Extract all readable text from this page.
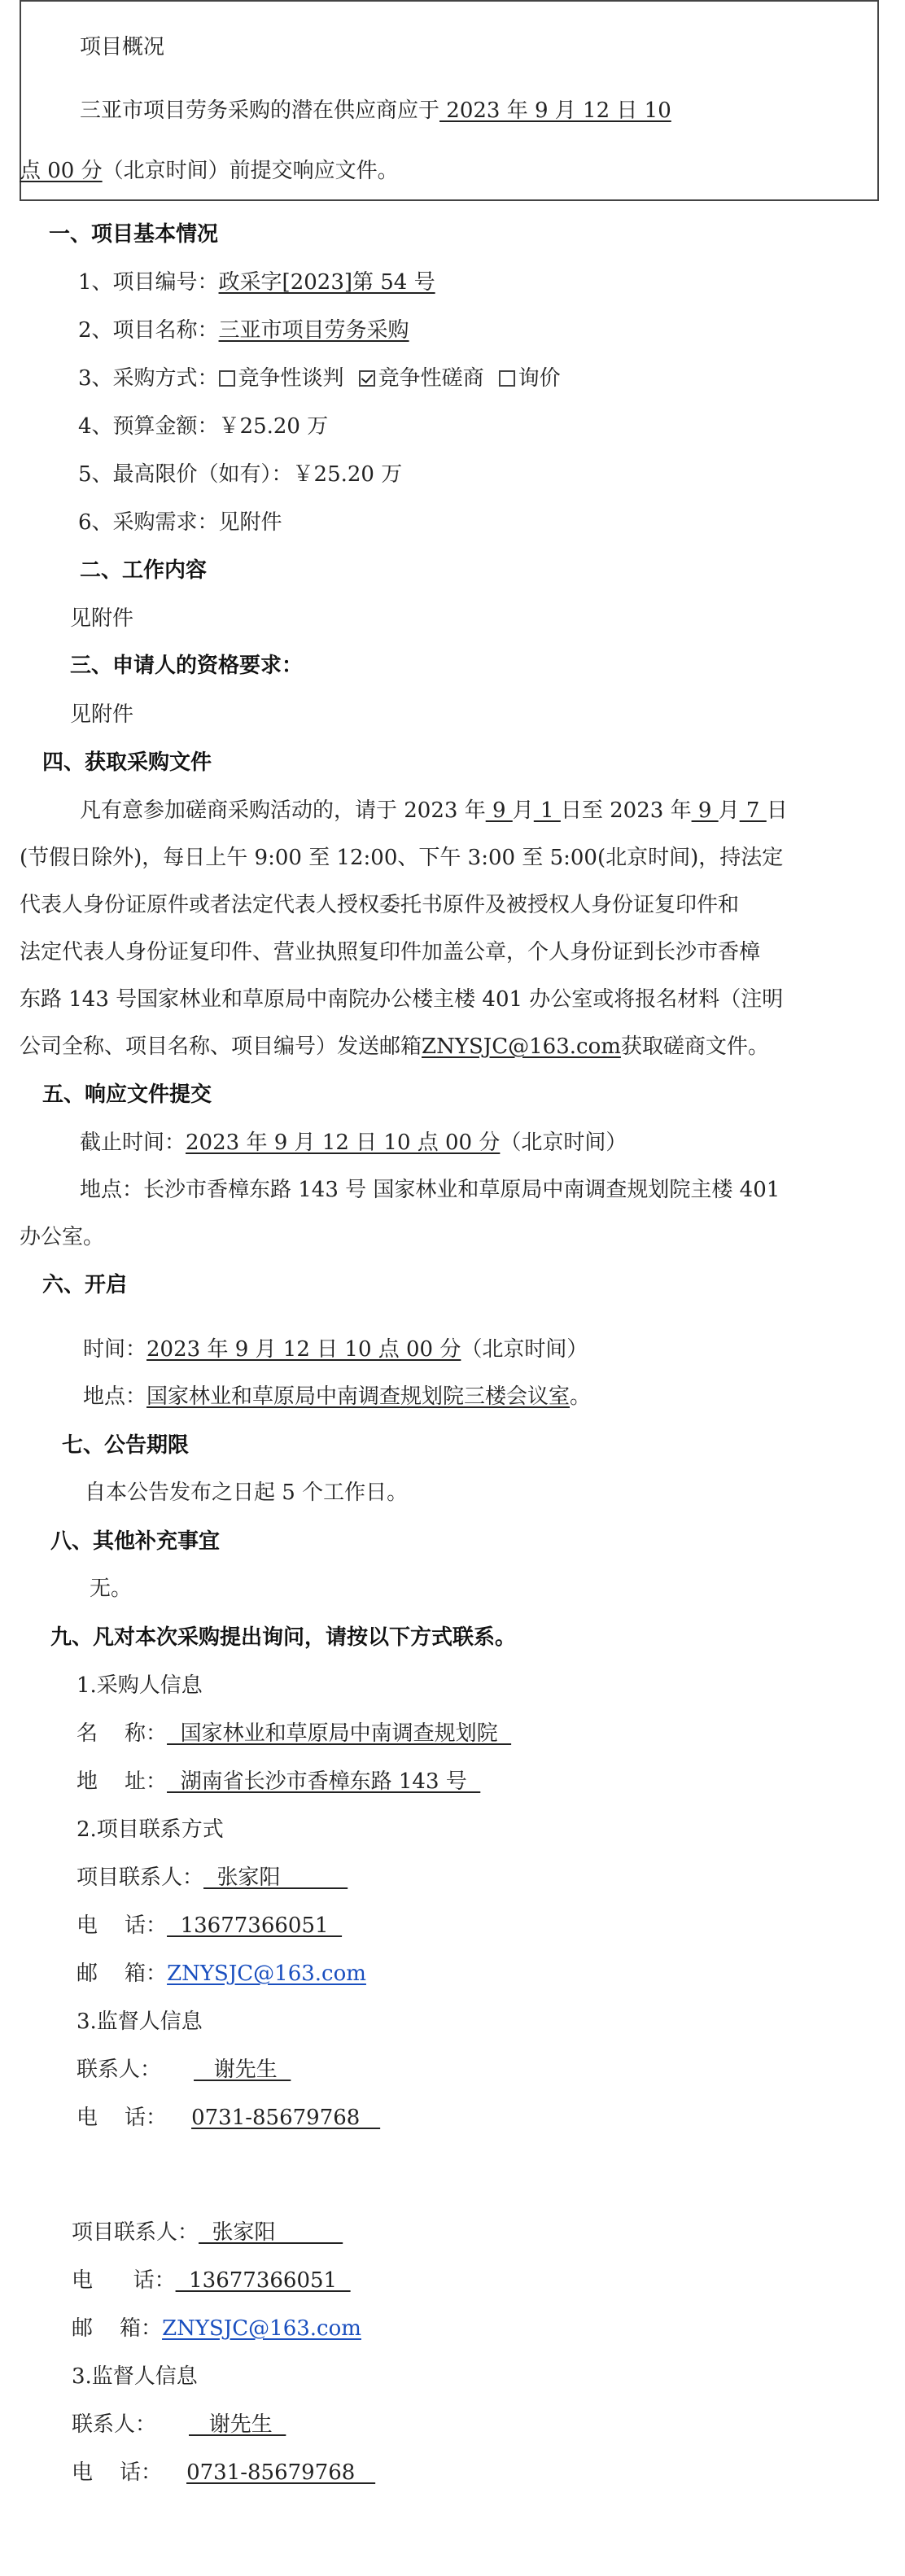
项目概况
三亚市项目劳务采购的潜在供应商应于 2023 年 9 月 12 日 10
点 00 分（北京时间）前提交响应文件。
一、项目基本情况
1、项目编号：政采字[2023]第 54 号
2、项目名称：三亚市项目劳务采购
3、采购方式： 竞争性谈判 竞争性磋商 询价
4、预算金额：￥25.20 万
5、最高限价（如有）：￥25.20 万
6、采购需求：见附件
二、工作内容
见附件
三、申请人的资格要求：
见附件
四、获取采购文件
凡有意参加磋商采购活动的，请于 2023 年 9 月 1 日至 2023 年 9 月 7 日
(节假日除外)，每日上午 9:00 至 12:00、下午 3:00 至 5:00(北京时间)，持法定
代表人身份证原件或者法定代表人授权委托书原件及被授权人身份证复印件和
法定代表人身份证复印件、营业执照复印件加盖公章，个人身份证到长沙市香樟
东路 143 号国家林业和草原局中南院办公楼主楼 401 办公室或将报名材料（注明
公司全称、项目名称、项目编号）发送邮箱ZNYSJC@163.com获取磋商文件。
五、响应文件提交
截止时间：2023 年 9 月 12 日 10 点 00 分（北京时间）
地点：长沙市香樟东路 143 号 国家林业和草原局中南调查规划院主楼 401
办公室。
六、开启
时间：2023 年 9 月 12 日 10 点 00 分（北京时间）
地点：国家林业和草原局中南调查规划院三楼会议室。
七、公告期限
自本公告发布之日起 5 个工作日。
八、其他补充事宜
无。
九、凡对本次采购提出询问，请按以下方式联系。
1.采购人信息
名    称：  国家林业和草原局中南调查规划院
地    址：  湖南省长沙市香樟东路 143 号
2.项目联系方式
项目联系人：  张家阳
电    话：  13677366051
邮    箱：ZNYSJC@163.com
3.监督人信息
联系人：   谢先生
电    话： 0731-85679768
项目联系人：  张家阳
电      话：  13677366051
邮    箱：ZNYSJC@163.com
3.监督人信息
联系人：   谢先生
电    话： 0731-85679768
